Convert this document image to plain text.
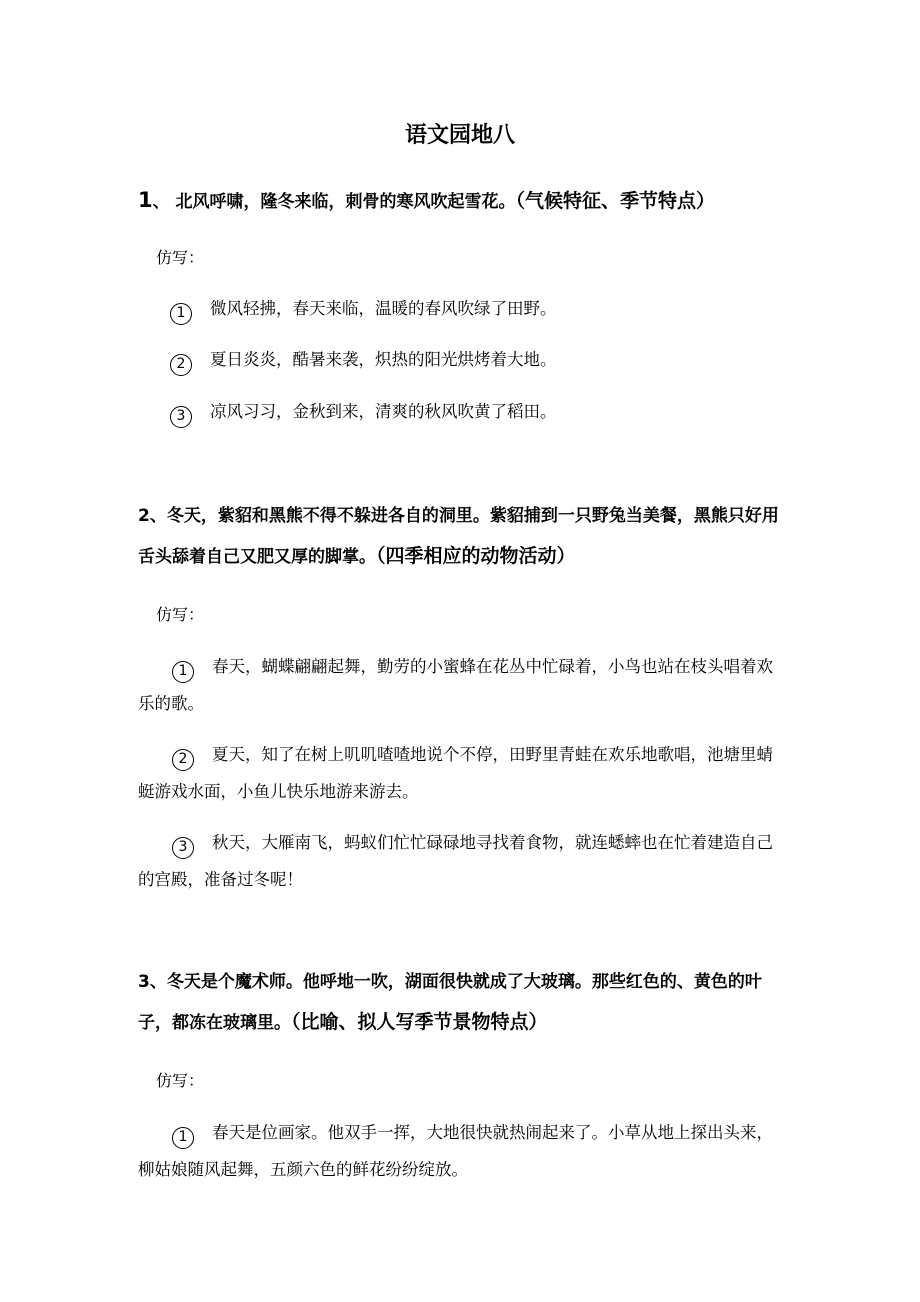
语文园地八
1、 北风呼啸，隆冬来临，刺骨的寒风吹起雪花。（气候特征、季节特点）
仿写：
1 微风轻拂，春天来临，温暖的春风吹绿了田野。
2 夏日炎炎，酷暑来袭，炽热的阳光烘烤着大地。
3 凉风习习，金秋到来，清爽的秋风吹黄了稻田。
2、冬天，紫貂和黑熊不得不躲进各自的洞里。紫貂捕到一只野兔当美餐，黑熊只好用舌头舔着自己又肥又厚的脚掌。（四季相应的动物活动）
仿写：
1 春天，蝴蝶翩翩起舞，勤劳的小蜜蜂在花丛中忙碌着，小鸟也站在枝头唱着欢乐的歌。
2 夏天，知了在树上叽叽喳喳地说个不停，田野里青蛙在欢乐地歌唱，池塘里蜻蜓游戏水面，小鱼儿快乐地游来游去。
3 秋天，大雁南飞，蚂蚁们忙忙碌碌地寻找着食物，就连蟋蟀也在忙着建造自己的宫殿，准备过冬呢！
3、冬天是个魔术师。他呼地一吹，湖面很快就成了大玻璃。那些红色的、黄色的叶子，都冻在玻璃里。（比喻、拟人写季节景物特点）
仿写：
1 春天是位画家。他双手一挥，大地很快就热闹起来了。小草从地上探出头来，柳姑娘随风起舞，五颜六色的鲜花纷纷绽放。
